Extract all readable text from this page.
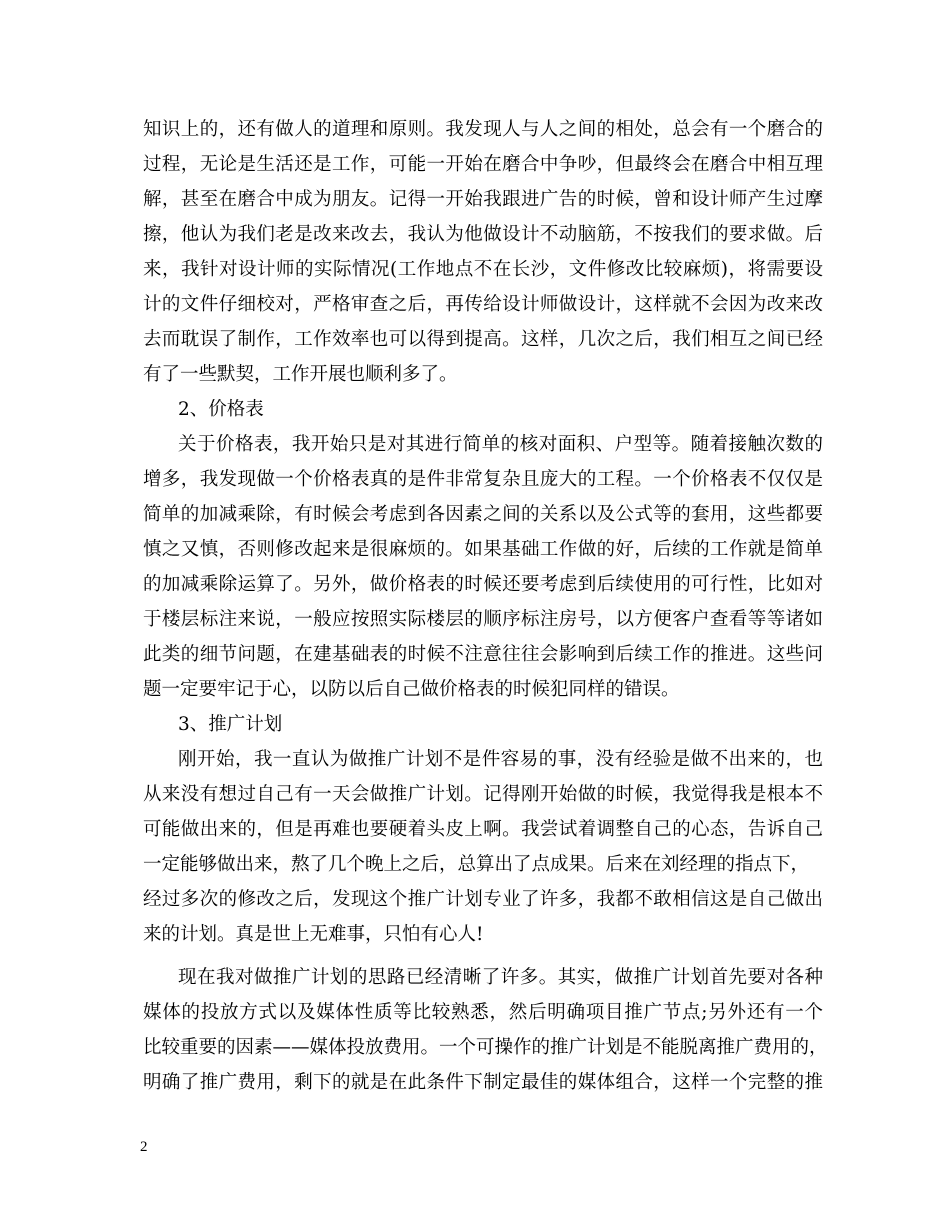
知识上的，还有做人的道理和原则。我发现人与人之间的相处，总会有一个磨合的
过程，无论是生活还是工作，可能一开始在磨合中争吵，但最终会在磨合中相互理
解，甚至在磨合中成为朋友。记得一开始我跟进广告的时候，曾和设计师产生过摩
擦，他认为我们老是改来改去，我认为他做设计不动脑筋，不按我们的要求做。后
来，我针对设计师的实际情况(工作地点不在长沙，文件修改比较麻烦)，将需要设
计的文件仔细校对，严格审查之后，再传给设计师做设计，这样就不会因为改来改
去而耽误了制作，工作效率也可以得到提高。这样，几次之后，我们相互之间已经
有了一些默契，工作开展也顺利多了。
2、价格表
关于价格表，我开始只是对其进行简单的核对面积、户型等。随着接触次数的
增多，我发现做一个价格表真的是件非常复杂且庞大的工程。一个价格表不仅仅是
简单的加减乘除，有时候会考虑到各因素之间的关系以及公式等的套用，这些都要
慎之又慎，否则修改起来是很麻烦的。如果基础工作做的好，后续的工作就是简单
的加减乘除运算了。另外，做价格表的时候还要考虑到后续使用的可行性，比如对
于楼层标注来说，一般应按照实际楼层的顺序标注房号，以方便客户查看等等诸如
此类的细节问题，在建基础表的时候不注意往往会影响到后续工作的推进。这些问
题一定要牢记于心，以防以后自己做价格表的时候犯同样的错误。
3、推广计划
刚开始，我一直认为做推广计划不是件容易的事，没有经验是做不出来的，也
从来没有想过自己有一天会做推广计划。记得刚开始做的时候，我觉得我是根本不
可能做出来的，但是再难也要硬着头皮上啊。我尝试着调整自己的心态，告诉自己
一定能够做出来，熬了几个晚上之后，总算出了点成果。后来在刘经理的指点下，
经过多次的修改之后，发现这个推广计划专业了许多，我都不敢相信这是自己做出
来的计划。真是世上无难事，只怕有心人!
现在我对做推广计划的思路已经清晰了许多。其实，做推广计划首先要对各种
媒体的投放方式以及媒体性质等比较熟悉，然后明确项目推广节点;另外还有一个
比较重要的因素——媒体投放费用。一个可操作的推广计划是不能脱离推广费用的，
明确了推广费用，剩下的就是在此条件下制定最佳的媒体组合，这样一个完整的推
2
